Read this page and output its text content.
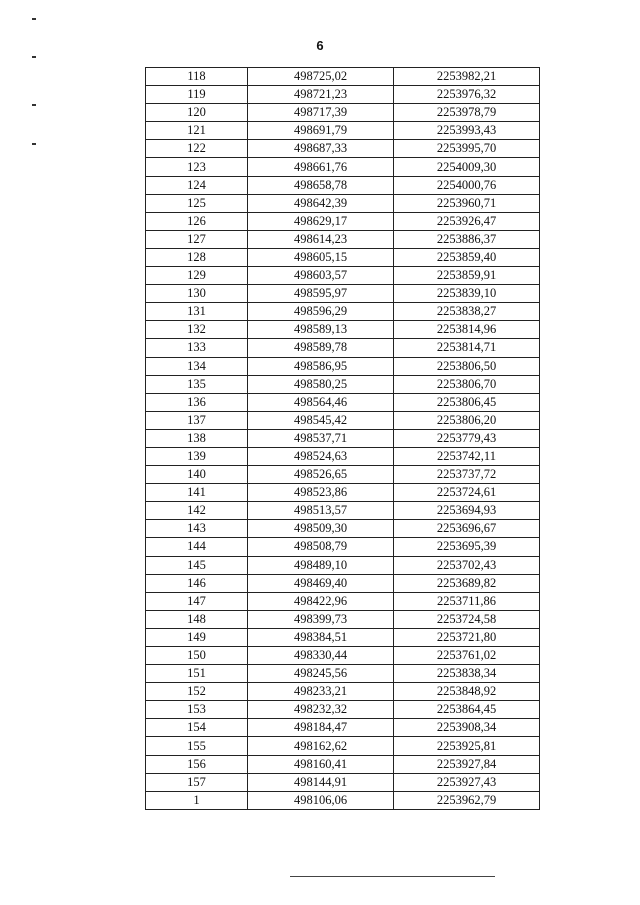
6
118	498725,02	2253982,21
119	498721,23	2253976,32
120	498717,39	2253978,79
121	498691,79	2253993,43
122	498687,33	2253995,70
123	498661,76	2254009,30
124	498658,78	2254000,76
125	498642,39	2253960,71
126	498629,17	2253926,47
127	498614,23	2253886,37
128	498605,15	2253859,40
129	498603,57	2253859,91
130	498595,97	2253839,10
131	498596,29	2253838,27
132	498589,13	2253814,96
133	498589,78	2253814,71
134	498586,95	2253806,50
135	498580,25	2253806,70
136	498564,46	2253806,45
137	498545,42	2253806,20
138	498537,71	2253779,43
139	498524,63	2253742,11
140	498526,65	2253737,72
141	498523,86	2253724,61
142	498513,57	2253694,93
143	498509,30	2253696,67
144	498508,79	2253695,39
145	498489,10	2253702,43
146	498469,40	2253689,82
147	498422,96	2253711,86
148	498399,73	2253724,58
149	498384,51	2253721,80
150	498330,44	2253761,02
151	498245,56	2253838,34
152	498233,21	2253848,92
153	498232,32	2253864,45
154	498184,47	2253908,34
155	498162,62	2253925,81
156	498160,41	2253927,84
157	498144,91	2253927,43
1	498106,06	2253962,79
